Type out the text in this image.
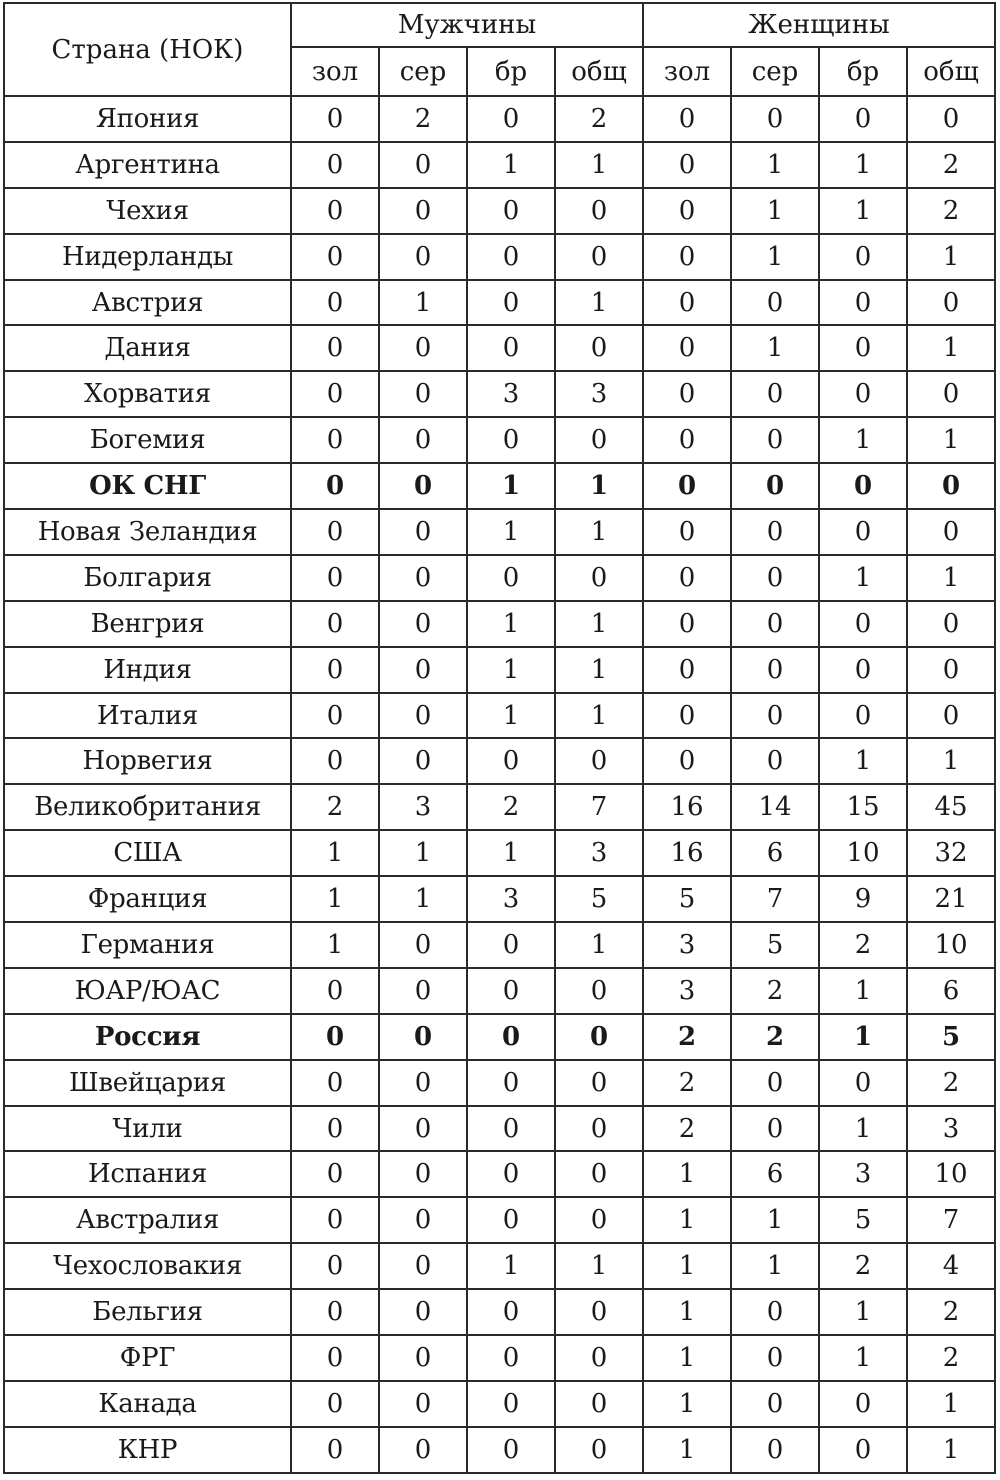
Страна (НОК)	Мужчины				Женщины			
	зол	сер	бр	общ	зол	сер	бр	общ
Япония	0	2	0	2	0	0	0	0
Аргентина	0	0	1	1	0	1	1	2
Чехия	0	0	0	0	0	1	1	2
Нидерланды	0	0	0	0	0	1	0	1
Австрия	0	1	0	1	0	0	0	0
Дания	0	0	0	0	0	1	0	1
Хорватия	0	0	3	3	0	0	0	0
Богемия	0	0	0	0	0	0	1	1
ОК СНГ	0	0	1	1	0	0	0	0
Новая Зеландия	0	0	1	1	0	0	0	0
Болгария	0	0	0	0	0	0	1	1
Венгрия	0	0	1	1	0	0	0	0
Индия	0	0	1	1	0	0	0	0
Италия	0	0	1	1	0	0	0	0
Норвегия	0	0	0	0	0	0	1	1
Великобритания	2	3	2	7	16	14	15	45
США	1	1	1	3	16	6	10	32
Франция	1	1	3	5	5	7	9	21
Германия	1	0	0	1	3	5	2	10
ЮАР/ЮАС	0	0	0	0	3	2	1	6
Россия	0	0	0	0	2	2	1	5
Швейцария	0	0	0	0	2	0	0	2
Чили	0	0	0	0	2	0	1	3
Испания	0	0	0	0	1	6	3	10
Австралия	0	0	0	0	1	1	5	7
Чехословакия	0	0	1	1	1	1	2	4
Бельгия	0	0	0	0	1	0	1	2
ФРГ	0	0	0	0	1	0	1	2
Канада	0	0	0	0	1	0	0	1
КНР	0	0	0	0	1	0	0	1
